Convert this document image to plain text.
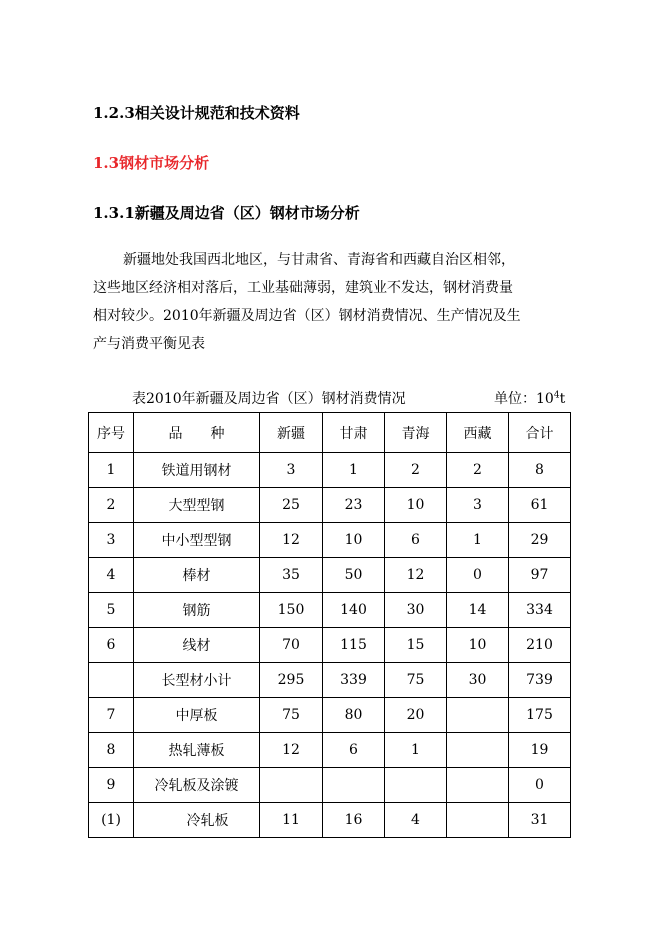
1.2.3相关设计规范和技术资料
1.3钢材市场分析
1.3.1新疆及周边省（区）钢材市场分析

新疆地处我国西北地区，与甘肃省、青海省和西藏自治区相邻，
这些地区经济相对落后，工业基础薄弱，建筑业不发达，钢材消费量
相对较少。2010年新疆及周边省（区）钢材消费情况、生产情况及生
产与消费平衡见表

表2010年新疆及周边省（区）钢材消费情况	单位：$10^4t$
序号	品　　种	新疆	甘肃	青海	西藏	合计
1	铁道用钢材	3	1	2	2	8
2	大型型钢	25	23	10	3	61
3	中小型型钢	12	10	6	1	29
4	棒材	35	50	12	0	97
5	钢筋	150	140	30	14	334
6	线材	70	115	15	10	210
	长型材小计	295	339	75	30	739
7	中厚板	75	80	20		175
8	热轧薄板	12	6	1		19
9	冷轧板及涂镀					0
(1)	冷轧板	11	16	4		31
